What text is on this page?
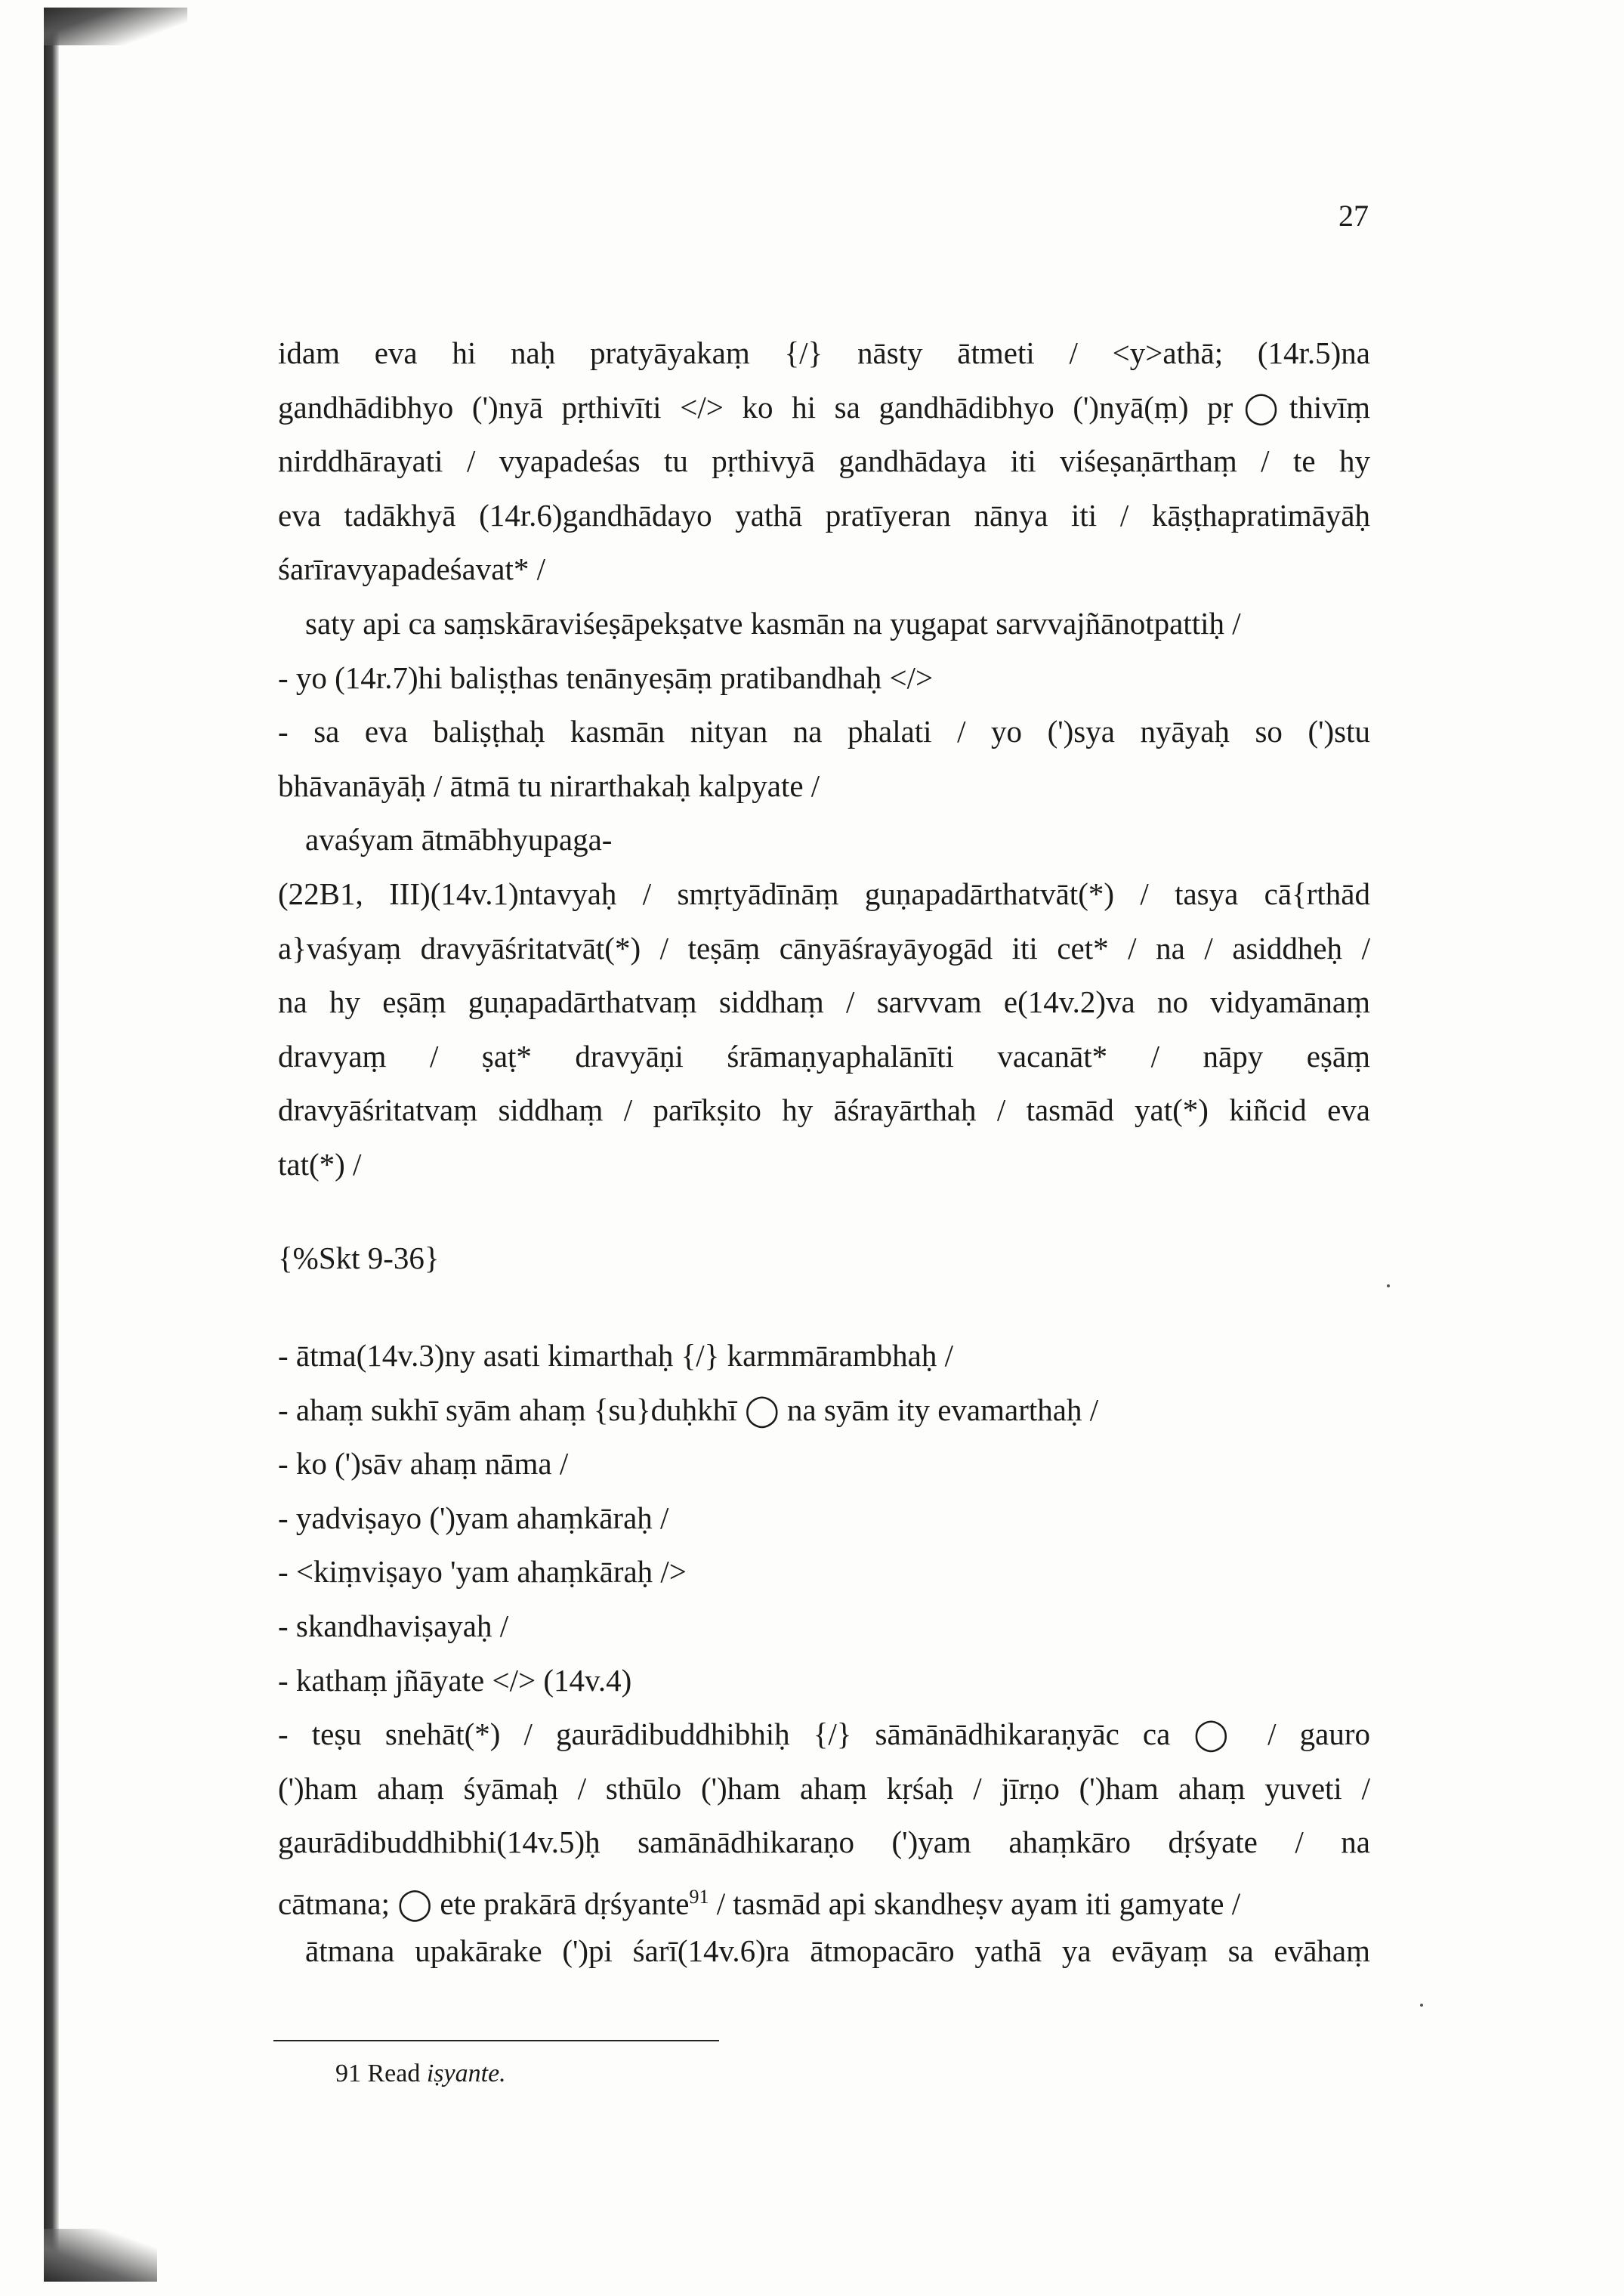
27
idam eva hi naḥ pratyāyakaṃ {/} nāsty ātmeti / <y>athā; (14r.5)na
gandhādibhyo (')nyā pṛthivīti </> ko hi sa gandhādibhyo (')nyā(ṃ) pṛ◯thivīṃ
nirddhārayati / vyapadeśas tu pṛthivyā gandhādaya iti viśeṣaṇārthaṃ / te hy
eva tadākhyā (14r.6)gandhādayo yathā pratīyeran nānya iti / kāṣṭhapratimāyāḥ
śarīravyapadeśavat* /
saty api ca saṃskāraviśeṣāpekṣatve kasmān na yugapat sarvvajñānotpattiḥ /
- yo (14r.7)hi baliṣṭhas tenānyeṣāṃ pratibandhaḥ </>
- sa eva baliṣṭhaḥ kasmān nityan na phalati / yo (')sya nyāyaḥ so (')stu
bhāvanāyāḥ / ātmā tu nirarthakaḥ kalpyate /
avaśyam ātmābhyupaga-
(22B1, III)(14v.1)ntavyaḥ / smṛtyādīnāṃ guṇapadārthatvāt(*) / tasya cā{rthād
a}vaśyaṃ dravyāśritatvāt(*) / teṣāṃ cānyāśrayāyogād iti cet* / na / asiddheḥ /
na hy eṣāṃ guṇapadārthatvaṃ siddhaṃ / sarvvam e(14v.2)va no vidyamānaṃ
dravyaṃ / ṣaṭ* dravyāṇi śrāmaṇyaphalānīti vacanāt* / nāpy eṣāṃ
dravyāśritatvaṃ siddhaṃ / parīkṣito hy āśrayārthaḥ / tasmād yat(*) kiñcid eva
tat(*) /
{%Skt 9-36}
- ātma(14v.3)ny asati kimarthaḥ {/} karmmārambhaḥ /
- ahaṃ sukhī syām ahaṃ {su}duḥkhī ◯ na syām ity evamarthaḥ /
- ko (')sāv ahaṃ nāma /
- yadviṣayo (')yam ahaṃkāraḥ /
- <kiṃviṣayo 'yam ahaṃkāraḥ />
- skandhaviṣayaḥ /
- kathaṃ jñāyate </> (14v.4)
- teṣu snehāt(*) / gaurādibuddhibhiḥ {/} sāmānādhikaraṇyāc ca ◯ / gauro
(')ham ahaṃ śyāmaḥ / sthūlo (')ham ahaṃ kṛśaḥ / jīrṇo (')ham ahaṃ yuveti /
gaurādibuddhibhi(14v.5)ḥ samānādhikaraṇo (')yam ahaṃkāro dṛśyate / na
cātmana; ◯ ete prakārā dṛśyante$^{91}$ / tasmād api skandheṣv ayam iti gamyate /
ātmana upakārake (')pi śarī(14v.6)ra ātmopacāro yathā ya evāyaṃ sa evāhaṃ
91 Read iṣyante.
